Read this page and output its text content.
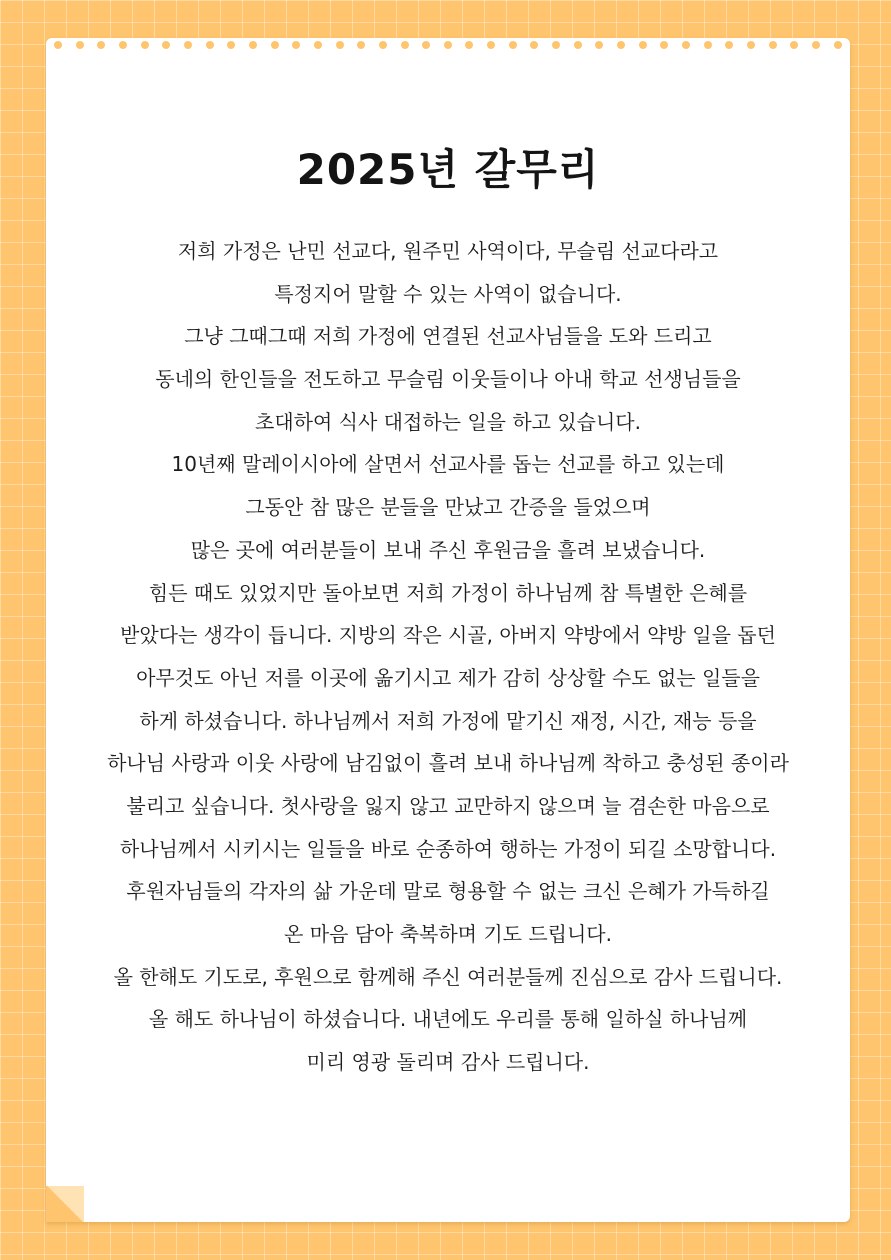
2025년 갈무리
저희 가정은 난민 선교다, 원주민 사역이다, 무슬림 선교다라고
특정지어 말할 수 있는 사역이 없습니다.
그냥 그때그때 저희 가정에 연결된 선교사님들을 도와 드리고
동네의 한인들을 전도하고 무슬림 이웃들이나 아내 학교 선생님들을
초대하여 식사 대접하는 일을 하고 있습니다.
10년째 말레이시아에 살면서 선교사를 돕는 선교를 하고 있는데
그동안 참 많은 분들을 만났고 간증을 들었으며
많은 곳에 여러분들이 보내 주신 후원금을 흘려 보냈습니다.
힘든 때도 있었지만 돌아보면 저희 가정이 하나님께 참 특별한 은혜를
받았다는 생각이 듭니다. 지방의 작은 시골, 아버지 약방에서 약방 일을 돕던
아무것도 아닌 저를 이곳에 옮기시고 제가 감히 상상할 수도 없는 일들을
하게 하셨습니다. 하나님께서 저희 가정에 맡기신 재정, 시간, 재능 등을
하나님 사랑과 이웃 사랑에 남김없이 흘려 보내 하나님께 착하고 충성된 종이라
불리고 싶습니다. 첫사랑을 잃지 않고 교만하지 않으며 늘 겸손한 마음으로
하나님께서 시키시는 일들을 바로 순종하여 행하는 가정이 되길 소망합니다.
후원자님들의 각자의 삶 가운데 말로 형용할 수 없는 크신 은혜가 가득하길
온 마음 담아 축복하며 기도 드립니다.
올 한해도 기도로, 후원으로 함께해 주신 여러분들께 진심으로 감사 드립니다.
올 해도 하나님이 하셨습니다. 내년에도 우리를 통해 일하실 하나님께
미리 영광 돌리며 감사 드립니다.
